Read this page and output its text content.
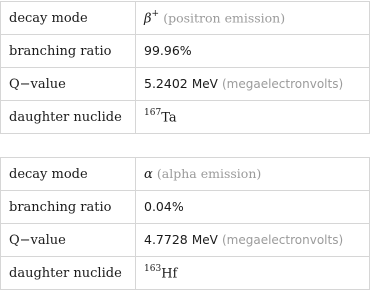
decay mode	β+ (positron emission)
branching ratio	99.96%
Q−value	5.2402 MeV (megaelectronvolts)
daughter nuclide	$^{167}$Ta
decay mode	α (alpha emission)
branching ratio	0.04%
Q−value	4.7728 MeV (megaelectronvolts)
daughter nuclide	$^{163}$Hf
